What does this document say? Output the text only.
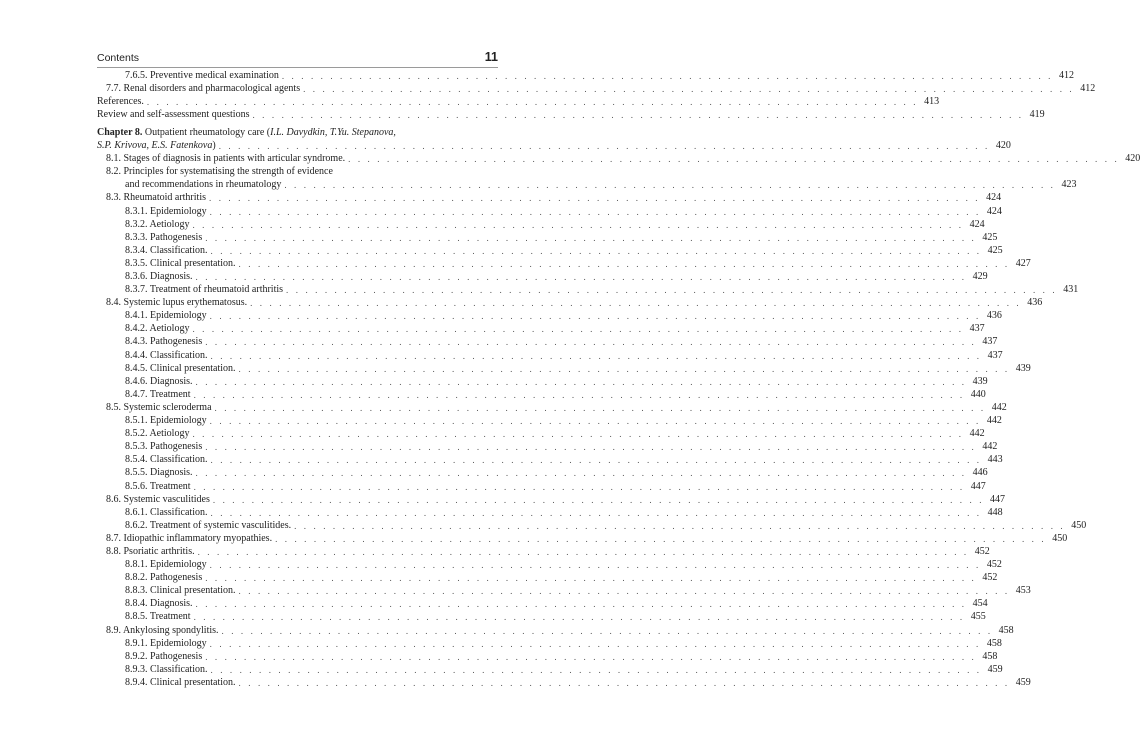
Contents	11
7.6.5. Preventive medical examination . . . . . . . . . . . . . . . . . . . . . . . . . . . . . . . . . . . . . . . . . . . . . . . . . . . . . . . . . . . . . . . . . . . . . . . . . . . . . . . . 412
7.7. Renal disorders and pharmacological agents . . . . . . . . . . . . . . . . . . . . . . . . . . . . . . . . . . . . . . . . . . . . . . . . . . . . . . . . . . . . . . . . . . . . . . . . . . . . . . . . 412
References. . . . . . . . . . . . . . . . . . . . . . . . . . . . . . . . . . . . . . . . . . . . . . . . . . . . . . . . . . . . . . . . . . . . . . . . . . . . . . . . . 413
Review and self-assessment questions . . . . . . . . . . . . . . . . . . . . . . . . . . . . . . . . . . . . . . . . . . . . . . . . . . . . . . . . . . . . . . . . . . . . . . . . . . . . . . . . 419
Chapter 8. Outpatient rheumatology care (I.L. Davydkin, T.Yu. Stepanova,
S.P. Krivova, E.S. Fatenkova) . . . . . . . . . . . . . . . . . . . . . . . . . . . . . . . . . . . . . . . . . . . . . . . . . . . . . . . . . . . . . . . . . . . . . . . . . . . . . . . . 420
8.1. Stages of diagnosis in patients with articular syndrome. . . . . . . . . . . . . . . . . . . . . . . . . . . . . . . . . . . . . . . . . . . . . . . . . . . . . . . . . . . . . . . . . . . . . . . . . . . . . . . . . 420
8.2. Principles for systematising the strength of evidence
and recommendations in rheumatology . . . . . . . . . . . . . . . . . . . . . . . . . . . . . . . . . . . . . . . . . . . . . . . . . . . . . . . . . . . . . . . . . . . . . . . . . . . . . . . . 423
8.3. Rheumatoid arthritis . . . . . . . . . . . . . . . . . . . . . . . . . . . . . . . . . . . . . . . . . . . . . . . . . . . . . . . . . . . . . . . . . . . . . . . . . . . . . . . . 424
8.3.1. Epidemiology . . . . . . . . . . . . . . . . . . . . . . . . . . . . . . . . . . . . . . . . . . . . . . . . . . . . . . . . . . . . . . . . . . . . . . . . . . . . . . . . 424
8.3.2. Aetiology . . . . . . . . . . . . . . . . . . . . . . . . . . . . . . . . . . . . . . . . . . . . . . . . . . . . . . . . . . . . . . . . . . . . . . . . . . . . . . . . 424
8.3.3. Pathogenesis . . . . . . . . . . . . . . . . . . . . . . . . . . . . . . . . . . . . . . . . . . . . . . . . . . . . . . . . . . . . . . . . . . . . . . . . . . . . . . . . 425
8.3.4. Classification. . . . . . . . . . . . . . . . . . . . . . . . . . . . . . . . . . . . . . . . . . . . . . . . . . . . . . . . . . . . . . . . . . . . . . . . . . . . . . . . . 425
8.3.5. Clinical presentation. . . . . . . . . . . . . . . . . . . . . . . . . . . . . . . . . . . . . . . . . . . . . . . . . . . . . . . . . . . . . . . . . . . . . . . . . . . . . . . . . 427
8.3.6. Diagnosis. . . . . . . . . . . . . . . . . . . . . . . . . . . . . . . . . . . . . . . . . . . . . . . . . . . . . . . . . . . . . . . . . . . . . . . . . . . . . . . . . 429
8.3.7. Treatment of rheumatoid arthritis . . . . . . . . . . . . . . . . . . . . . . . . . . . . . . . . . . . . . . . . . . . . . . . . . . . . . . . . . . . . . . . . . . . . . . . . . . . . . . . . 431
8.4. Systemic lupus erythematosus. . . . . . . . . . . . . . . . . . . . . . . . . . . . . . . . . . . . . . . . . . . . . . . . . . . . . . . . . . . . . . . . . . . . . . . . . . . . . . . . . 436
8.4.1. Epidemiology . . . . . . . . . . . . . . . . . . . . . . . . . . . . . . . . . . . . . . . . . . . . . . . . . . . . . . . . . . . . . . . . . . . . . . . . . . . . . . . . 436
8.4.2. Aetiology . . . . . . . . . . . . . . . . . . . . . . . . . . . . . . . . . . . . . . . . . . . . . . . . . . . . . . . . . . . . . . . . . . . . . . . . . . . . . . . . 437
8.4.3. Pathogenesis . . . . . . . . . . . . . . . . . . . . . . . . . . . . . . . . . . . . . . . . . . . . . . . . . . . . . . . . . . . . . . . . . . . . . . . . . . . . . . . . 437
8.4.4. Classification. . . . . . . . . . . . . . . . . . . . . . . . . . . . . . . . . . . . . . . . . . . . . . . . . . . . . . . . . . . . . . . . . . . . . . . . . . . . . . . . . 437
8.4.5. Clinical presentation. . . . . . . . . . . . . . . . . . . . . . . . . . . . . . . . . . . . . . . . . . . . . . . . . . . . . . . . . . . . . . . . . . . . . . . . . . . . . . . . . 439
8.4.6. Diagnosis. . . . . . . . . . . . . . . . . . . . . . . . . . . . . . . . . . . . . . . . . . . . . . . . . . . . . . . . . . . . . . . . . . . . . . . . . . . . . . . . . 439
8.4.7. Treatment . . . . . . . . . . . . . . . . . . . . . . . . . . . . . . . . . . . . . . . . . . . . . . . . . . . . . . . . . . . . . . . . . . . . . . . . . . . . . . . . 440
8.5. Systemic scleroderma . . . . . . . . . . . . . . . . . . . . . . . . . . . . . . . . . . . . . . . . . . . . . . . . . . . . . . . . . . . . . . . . . . . . . . . . . . . . . . . . 442
8.5.1. Epidemiology . . . . . . . . . . . . . . . . . . . . . . . . . . . . . . . . . . . . . . . . . . . . . . . . . . . . . . . . . . . . . . . . . . . . . . . . . . . . . . . . 442
8.5.2. Aetiology . . . . . . . . . . . . . . . . . . . . . . . . . . . . . . . . . . . . . . . . . . . . . . . . . . . . . . . . . . . . . . . . . . . . . . . . . . . . . . . . 442
8.5.3. Pathogenesis . . . . . . . . . . . . . . . . . . . . . . . . . . . . . . . . . . . . . . . . . . . . . . . . . . . . . . . . . . . . . . . . . . . . . . . . . . . . . . . . 442
8.5.4. Classification. . . . . . . . . . . . . . . . . . . . . . . . . . . . . . . . . . . . . . . . . . . . . . . . . . . . . . . . . . . . . . . . . . . . . . . . . . . . . . . . . 443
8.5.5. Diagnosis. . . . . . . . . . . . . . . . . . . . . . . . . . . . . . . . . . . . . . . . . . . . . . . . . . . . . . . . . . . . . . . . . . . . . . . . . . . . . . . . . 446
8.5.6. Treatment . . . . . . . . . . . . . . . . . . . . . . . . . . . . . . . . . . . . . . . . . . . . . . . . . . . . . . . . . . . . . . . . . . . . . . . . . . . . . . . . 447
8.6. Systemic vasculitides . . . . . . . . . . . . . . . . . . . . . . . . . . . . . . . . . . . . . . . . . . . . . . . . . . . . . . . . . . . . . . . . . . . . . . . . . . . . . . . . 447
8.6.1. Classification. . . . . . . . . . . . . . . . . . . . . . . . . . . . . . . . . . . . . . . . . . . . . . . . . . . . . . . . . . . . . . . . . . . . . . . . . . . . . . . . . 448
8.6.2. Treatment of systemic vasculitides. . . . . . . . . . . . . . . . . . . . . . . . . . . . . . . . . . . . . . . . . . . . . . . . . . . . . . . . . . . . . . . . . . . . . . . . . . . . . . . . . 450
8.7. Idiopathic inflammatory myopathies. . . . . . . . . . . . . . . . . . . . . . . . . . . . . . . . . . . . . . . . . . . . . . . . . . . . . . . . . . . . . . . . . . . . . . . . . . . . . . . . . 450
8.8. Psoriatic arthritis. . . . . . . . . . . . . . . . . . . . . . . . . . . . . . . . . . . . . . . . . . . . . . . . . . . . . . . . . . . . . . . . . . . . . . . . . . . . . . . . . 452
8.8.1. Epidemiology . . . . . . . . . . . . . . . . . . . . . . . . . . . . . . . . . . . . . . . . . . . . . . . . . . . . . . . . . . . . . . . . . . . . . . . . . . . . . . . . 452
8.8.2. Pathogenesis . . . . . . . . . . . . . . . . . . . . . . . . . . . . . . . . . . . . . . . . . . . . . . . . . . . . . . . . . . . . . . . . . . . . . . . . . . . . . . . . 452
8.8.3. Clinical presentation. . . . . . . . . . . . . . . . . . . . . . . . . . . . . . . . . . . . . . . . . . . . . . . . . . . . . . . . . . . . . . . . . . . . . . . . . . . . . . . . . 453
8.8.4. Diagnosis. . . . . . . . . . . . . . . . . . . . . . . . . . . . . . . . . . . . . . . . . . . . . . . . . . . . . . . . . . . . . . . . . . . . . . . . . . . . . . . . . 454
8.8.5. Treatment . . . . . . . . . . . . . . . . . . . . . . . . . . . . . . . . . . . . . . . . . . . . . . . . . . . . . . . . . . . . . . . . . . . . . . . . . . . . . . . . 455
8.9. Ankylosing spondylitis. . . . . . . . . . . . . . . . . . . . . . . . . . . . . . . . . . . . . . . . . . . . . . . . . . . . . . . . . . . . . . . . . . . . . . . . . . . . . . . . . 458
8.9.1. Epidemiology . . . . . . . . . . . . . . . . . . . . . . . . . . . . . . . . . . . . . . . . . . . . . . . . . . . . . . . . . . . . . . . . . . . . . . . . . . . . . . . . 458
8.9.2. Pathogenesis . . . . . . . . . . . . . . . . . . . . . . . . . . . . . . . . . . . . . . . . . . . . . . . . . . . . . . . . . . . . . . . . . . . . . . . . . . . . . . . . 458
8.9.3. Classification. . . . . . . . . . . . . . . . . . . . . . . . . . . . . . . . . . . . . . . . . . . . . . . . . . . . . . . . . . . . . . . . . . . . . . . . . . . . . . . . . 459
8.9.4. Clinical presentation. . . . . . . . . . . . . . . . . . . . . . . . . . . . . . . . . . . . . . . . . . . . . . . . . . . . . . . . . . . . . . . . . . . . . . . . . . . . . . . . . 459
